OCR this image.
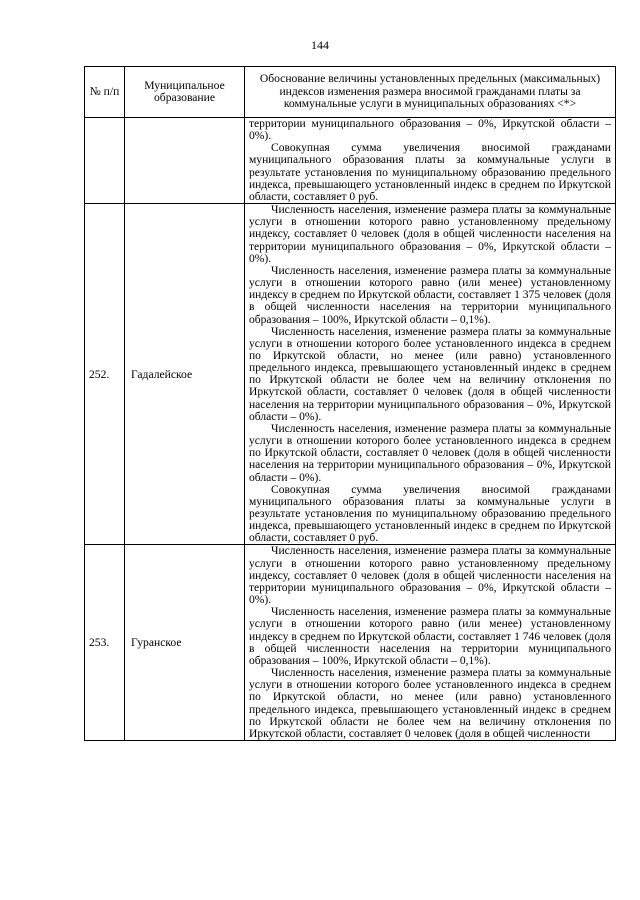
144
№ п/п	Муниципальное образование	Обоснование величины установленных предельных (максимальных) индексов изменения размера вносимой гражданами платы за коммунальные услуги в муниципальных образованиях <*>

		территории муниципального образования – 0%, Иркутской области – 0%).

Совокупная сумма увеличения вносимой гражданами муниципального образования платы за коммунальные услуги в результате установления по муниципальному образованию предельного индекса, превышающего установленный индекс в среднем по Иркутской области, составляет 0 руб.

252.	Гадалейское	Численность населения, изменение размера платы за коммунальные услуги в отношении которого равно установленному предельному индексу, составляет 0 человек (доля в общей численности населения на территории муниципального образования – 0%, Иркутской области – 0%).

Численность населения, изменение размера платы за коммунальные услуги в отношении которого равно (или менее) установленному индексу в среднем по Иркутской области, составляет 1 375 человек (доля в общей численности населения на территории муниципального образования – 100%, Иркутской области – 0,1%).

Численность населения, изменение размера платы за коммунальные услуги в отношении которого более установленного индекса в среднем по Иркутской области, но менее (или равно) установленного предельного индекса, превышающего установленный индекс в среднем по Иркутской области не более чем на величину отклонения по Иркутской области, составляет 0 человек (доля в общей численности населения на территории муниципального образования – 0%, Иркутской области – 0%).

Численность населения, изменение размера платы за коммунальные услуги в отношении которого более установленного индекса в среднем по Иркутской области, составляет 0 человек (доля в общей численности населения на территории муниципального образования – 0%, Иркутской области – 0%).

Совокупная сумма увеличения вносимой гражданами муниципального образования платы за коммунальные услуги в результате установления по муниципальному образованию предельного индекса, превышающего установленный индекс в среднем по Иркутской области, составляет 0 руб.

253.	Гуранское	Численность населения, изменение размера платы за коммунальные услуги в отношении которого равно установленному предельному индексу, составляет 0 человек (доля в общей численности населения на территории муниципального образования – 0%, Иркутской области – 0%).

Численность населения, изменение размера платы за коммунальные услуги в отношении которого равно (или менее) установленному индексу в среднем по Иркутской области, составляет 1 746 человек (доля в общей численности населения на территории муниципального образования – 100%, Иркутской области – 0,1%).

Численность населения, изменение размера платы за коммунальные услуги в отношении которого более установленного индекса в среднем по Иркутской области, но менее (или равно) установленного предельного индекса, превышающего установленный индекс в среднем по Иркутской области не более чем на величину отклонения по Иркутской области, составляет 0 человек (доля в общей численности
